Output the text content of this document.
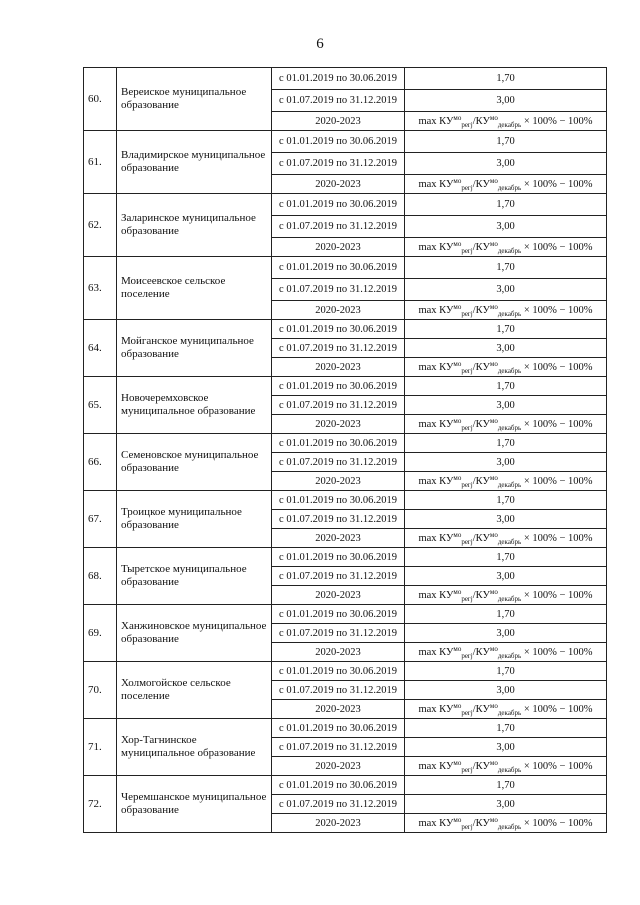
6
60.	Вереиское муниципальное образование	с 01.01.2019 по 30.06.2019	1,70
		с 01.07.2019 по 31.12.2019	3,00
		2020-2023	$\max КУ^{мо}_{регj}/КУ^{мо}_{декабрь} \times 100\% - 100\%$
61.	Владимирское муниципальное образование	с 01.01.2019 по 30.06.2019	1,70
		с 01.07.2019 по 31.12.2019	3,00
		2020-2023	$\max КУ^{мо}_{регj}/КУ^{мо}_{декабрь} \times 100\% - 100\%$
62.	Заларинское муниципальное образование	с 01.01.2019 по 30.06.2019	1,70
		с 01.07.2019 по 31.12.2019	3,00
		2020-2023	$\max КУ^{мо}_{регj}/КУ^{мо}_{декабрь} \times 100\% - 100\%$
63.	Моисеевское сельское поселение	с 01.01.2019 по 30.06.2019	1,70
		с 01.07.2019 по 31.12.2019	3,00
		2020-2023	$\max КУ^{мо}_{регj}/КУ^{мо}_{декабрь} \times 100\% - 100\%$
64.	Мойганское муниципальное образование	с 01.01.2019 по 30.06.2019	1,70
		с 01.07.2019 по 31.12.2019	3,00
		2020-2023	$\max КУ^{мо}_{регj}/КУ^{мо}_{декабрь} \times 100\% - 100\%$
65.	Новочеремховское муниципальное образование	с 01.01.2019 по 30.06.2019	1,70
		с 01.07.2019 по 31.12.2019	3,00
		2020-2023	$\max КУ^{мо}_{регj}/КУ^{мо}_{декабрь} \times 100\% - 100\%$
66.	Семеновское муниципальное образование	с 01.01.2019 по 30.06.2019	1,70
		с 01.07.2019 по 31.12.2019	3,00
		2020-2023	$\max КУ^{мо}_{регj}/КУ^{мо}_{декабрь} \times 100\% - 100\%$
67.	Троицкое муниципальное образование	с 01.01.2019 по 30.06.2019	1,70
		с 01.07.2019 по 31.12.2019	3,00
		2020-2023	$\max КУ^{мо}_{регj}/КУ^{мо}_{декабрь} \times 100\% - 100\%$
68.	Тыретское муниципальное образование	с 01.01.2019 по 30.06.2019	1,70
		с 01.07.2019 по 31.12.2019	3,00
		2020-2023	$\max КУ^{мо}_{регj}/КУ^{мо}_{декабрь} \times 100\% - 100\%$
69.	Ханжиновское муниципальное образование	с 01.01.2019 по 30.06.2019	1,70
		с 01.07.2019 по 31.12.2019	3,00
		2020-2023	$\max КУ^{мо}_{регj}/КУ^{мо}_{декабрь} \times 100\% - 100\%$
70.	Холмогойское сельское поселение	с 01.01.2019 по 30.06.2019	1,70
		с 01.07.2019 по 31.12.2019	3,00
		2020-2023	$\max КУ^{мо}_{регj}/КУ^{мо}_{декабрь} \times 100\% - 100\%$
71.	Хор-Тагнинское муниципальное образование	с 01.01.2019 по 30.06.2019	1,70
		с 01.07.2019 по 31.12.2019	3,00
		2020-2023	$\max КУ^{мо}_{регj}/КУ^{мо}_{декабрь} \times 100\% - 100\%$
72.	Черемшанское муниципальное образование	с 01.01.2019 по 30.06.2019	1,70
		с 01.07.2019 по 31.12.2019	3,00
		2020-2023	$\max КУ^{мо}_{регj}/КУ^{мо}_{декабрь} \times 100\% - 100\%$
